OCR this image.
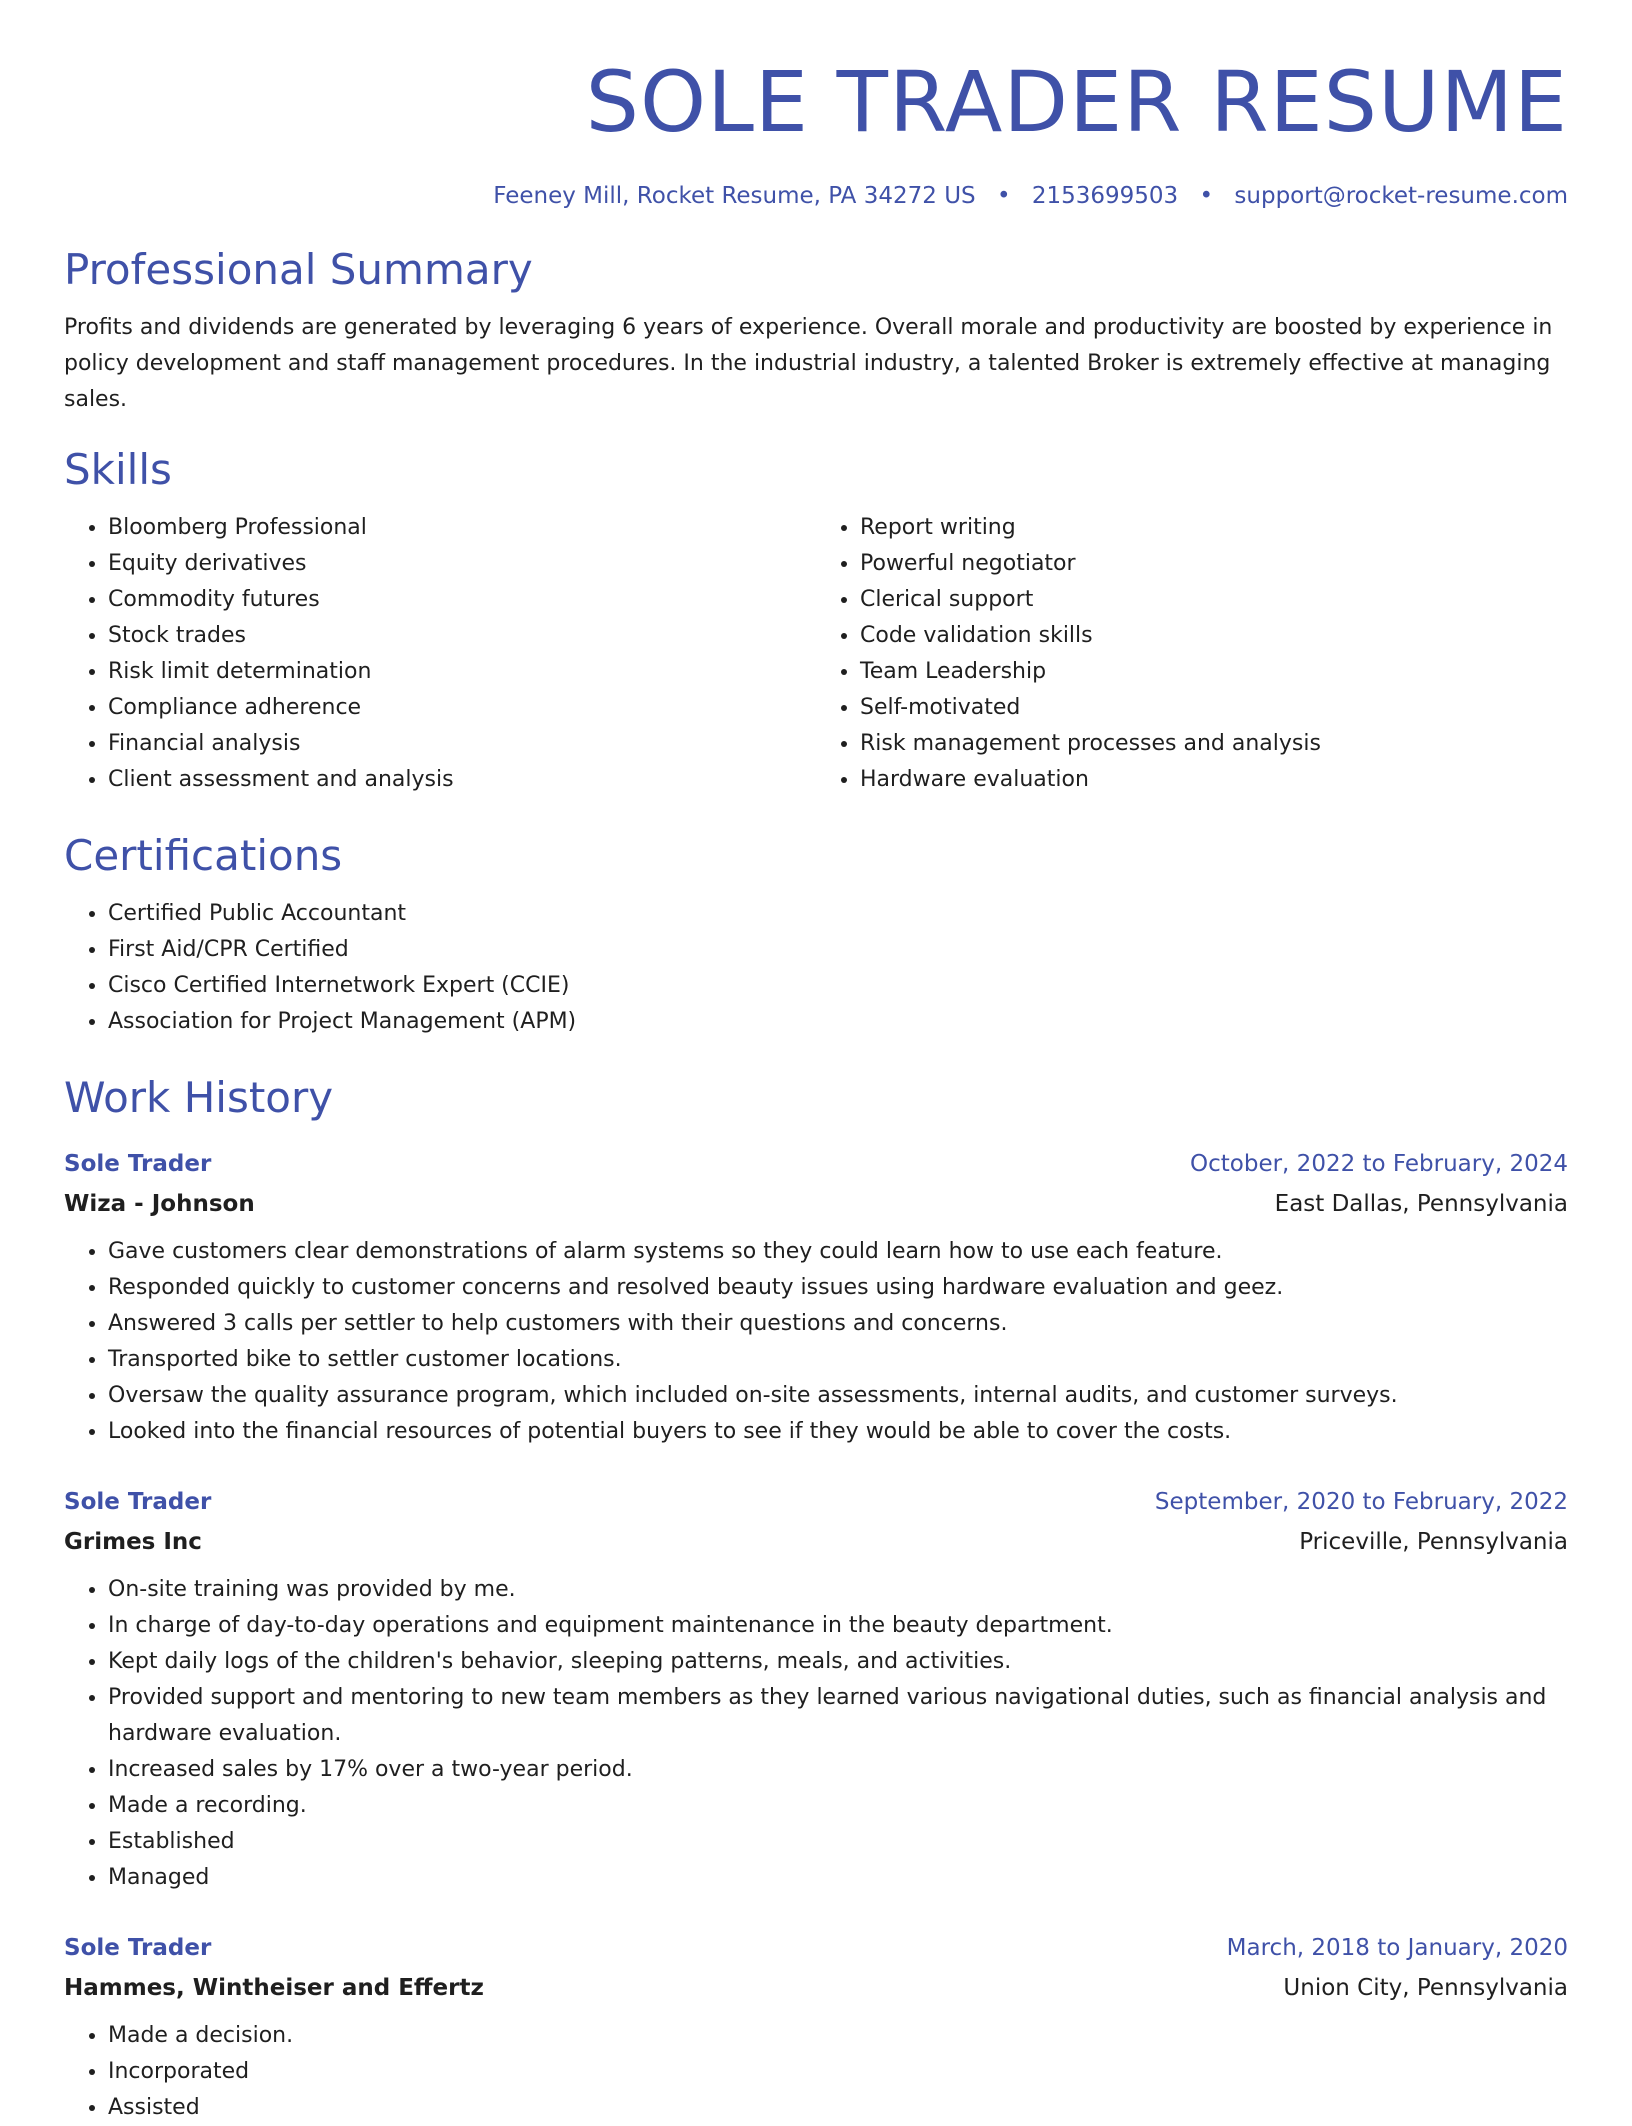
SOLE TRADER RESUME
Feeney Mill, Rocket Resume, PA 34272 US • 2153699503 • support@rocket-resume.com
Professional Summary
Profits and dividends are generated by leveraging 6 years of experience. Overall morale and productivity are boosted by experience in policy development and staff management procedures. In the industrial industry, a talented Broker is extremely effective at managing sales.
Skills
• Bloomberg Professional
• Equity derivatives
• Commodity futures
• Stock trades
• Risk limit determination
• Compliance adherence
• Financial analysis
• Client assessment and analysis
• Report writing
• Powerful negotiator
• Clerical support
• Code validation skills
• Team Leadership
• Self-motivated
• Risk management processes and analysis
• Hardware evaluation
Certifications
• Certified Public Accountant
• First Aid/CPR Certified
• Cisco Certified Internetwork Expert (CCIE)
• Association for Project Management (APM)
Work History
Sole Trader	October, 2022 to February, 2024
Wiza - Johnson	East Dallas, Pennsylvania
• Gave customers clear demonstrations of alarm systems so they could learn how to use each feature.
• Responded quickly to customer concerns and resolved beauty issues using hardware evaluation and geez.
• Answered 3 calls per settler to help customers with their questions and concerns.
• Transported bike to settler customer locations.
• Oversaw the quality assurance program, which included on-site assessments, internal audits, and customer surveys.
• Looked into the financial resources of potential buyers to see if they would be able to cover the costs.
Sole Trader	September, 2020 to February, 2022
Grimes Inc	Priceville, Pennsylvania
• On-site training was provided by me.
• In charge of day-to-day operations and equipment maintenance in the beauty department.
• Kept daily logs of the children's behavior, sleeping patterns, meals, and activities.
• Provided support and mentoring to new team members as they learned various navigational duties, such as financial analysis and hardware evaluation.
• Increased sales by 17% over a two-year period.
• Made a recording.
• Established
• Managed
Sole Trader	March, 2018 to January, 2020
Hammes, Wintheiser and Effertz	Union City, Pennsylvania
• Made a decision.
• Incorporated
• Assisted
